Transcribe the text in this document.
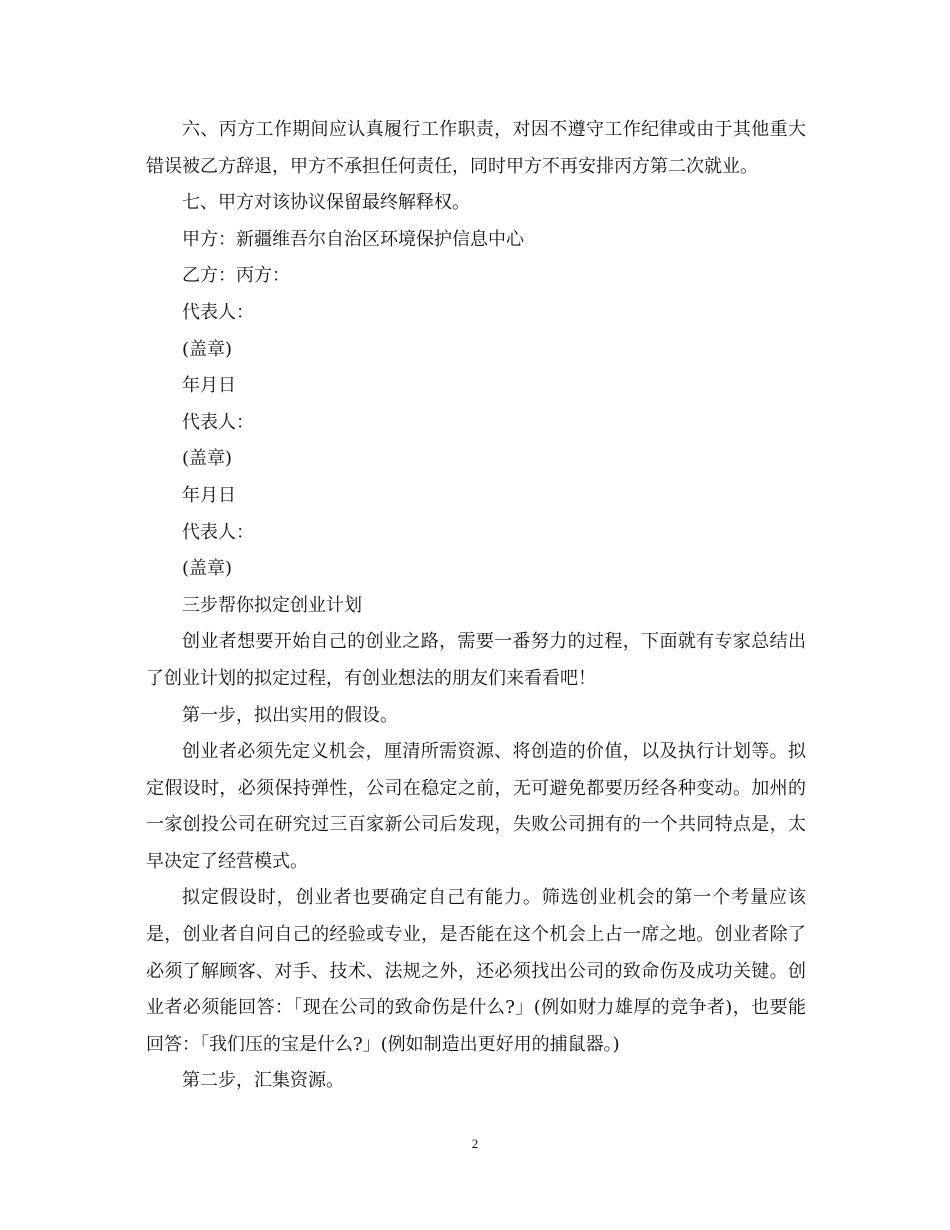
六、丙方工作期间应认真履行工作职责，对因不遵守工作纪律或由于其他重大错误被乙方辞退，甲方不承担任何责任，同时甲方不再安排丙方第二次就业。

七、甲方对该协议保留最终解释权。

甲方：新疆维吾尔自治区环境保护信息中心

乙方：丙方：

代表人：

(盖章)

年月日

代表人：

(盖章)

年月日

代表人：

(盖章)

三步帮你拟定创业计划

创业者想要开始自己的创业之路，需要一番努力的过程，下面就有专家总结出了创业计划的拟定过程，有创业想法的朋友们来看看吧！

第一步，拟出实用的假设。

创业者必须先定义机会，厘清所需资源、将创造的价值，以及执行计划等。拟定假设时，必须保持弹性，公司在稳定之前，无可避免都要历经各种变动。加州的一家创投公司在研究过三百家新公司后发现，失败公司拥有的一个共同特点是，太早决定了经营模式。

拟定假设时，创业者也要确定自己有能力。筛选创业机会的第一个考量应该是，创业者自问自己的经验或专业，是否能在这个机会上占一席之地。创业者除了必须了解顾客、对手、技术、法规之外，还必须找出公司的致命伤及成功关键。创业者必须能回答：「现在公司的致命伤是什么?」(例如财力雄厚的竞争者)，也要能回答：「我们压的宝是什么?」(例如制造出更好用的捕鼠器。)

第二步，汇集资源。

2
